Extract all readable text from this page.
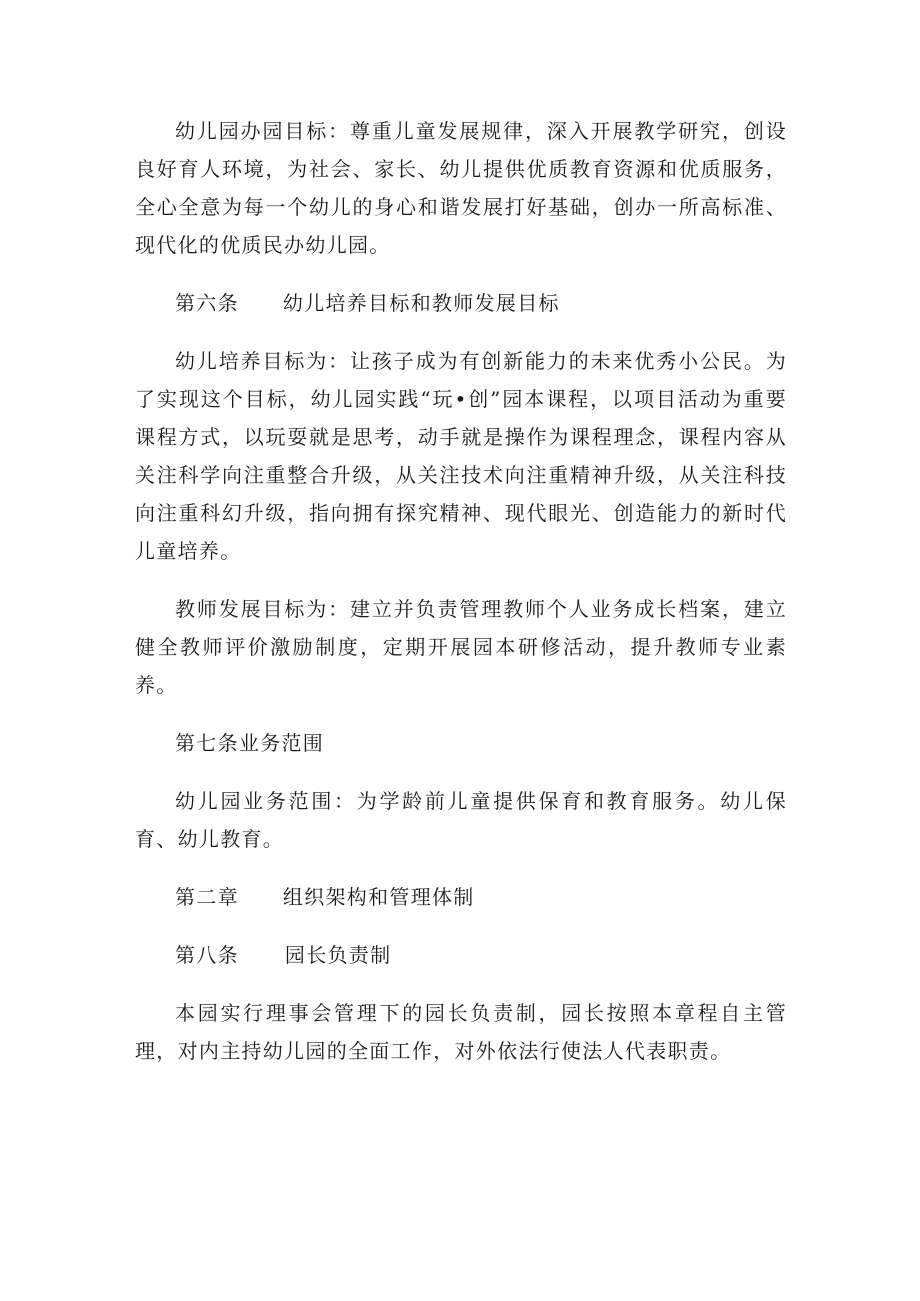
幼儿园办园目标：尊重儿童发展规律，深入开展教学研究，创设良好育人环境，为社会、家长、幼儿提供优质教育资源和优质服务，全心全意为每一个幼儿的身心和谐发展打好基础，创办一所高标准、现代化的优质民办幼儿园。

第六条 幼儿培养目标和教师发展目标

幼儿培养目标为：让孩子成为有创新能力的未来优秀小公民。为了实现这个目标，幼儿园实践“玩•创”园本课程，以项目活动为重要课程方式，以玩耍就是思考，动手就是操作为课程理念，课程内容从关注科学向注重整合升级，从关注技术向注重精神升级，从关注科技向注重科幻升级，指向拥有探究精神、现代眼光、创造能力的新时代儿童培养。

教师发展目标为：建立并负责管理教师个人业务成长档案，建立健全教师评价激励制度，定期开展园本研修活动，提升教师专业素养。

第七条业务范围

幼儿园业务范围：为学龄前儿童提供保育和教育服务。幼儿保育、幼儿教育。

第二章 组织架构和管理体制
第八条 园长负责制

本园实行理事会管理下的园长负责制，园长按照本章程自主管理，对内主持幼儿园的全面工作，对外依法行使法人代表职责。
